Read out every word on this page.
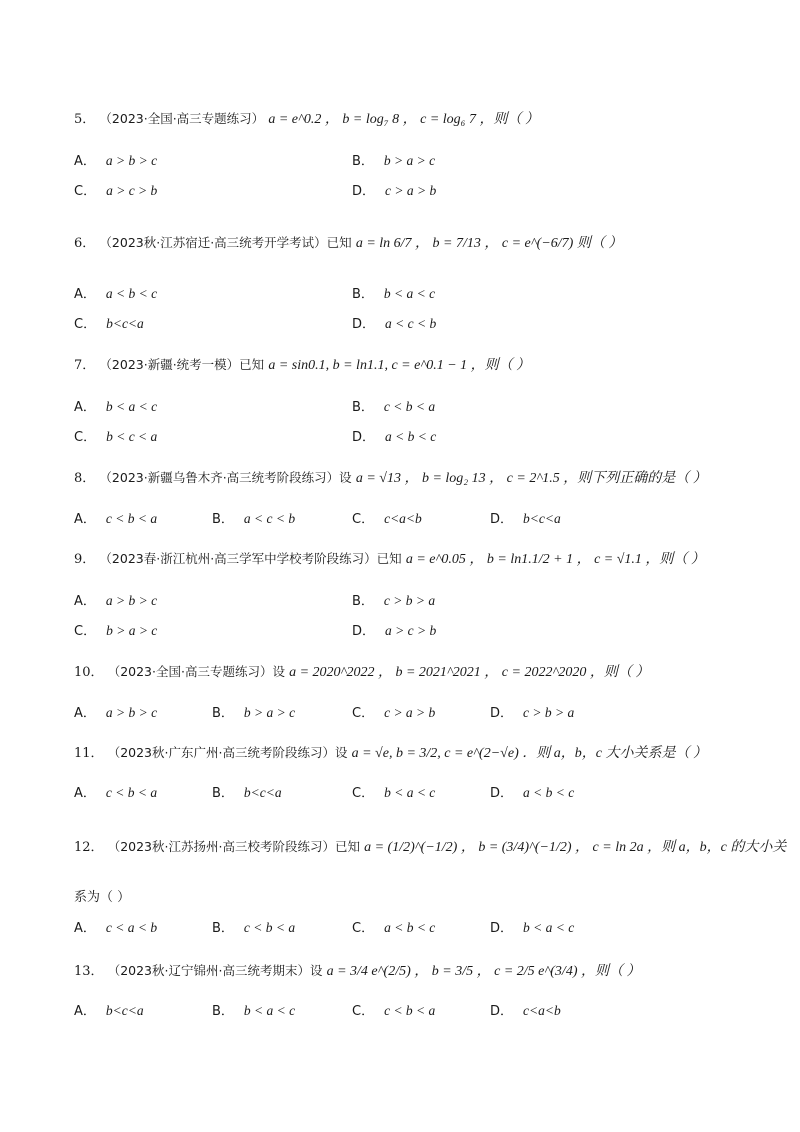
5． （2023·全国·高三专题练习） a = e^0.2 ， b = log₇ 8 ， c = log₆ 7 ，则（ ）
A． a > b > c	B． b > a > c
C． a > c > b	D． c > a > b
6． （2023秋·江苏宿迁·高三统考开学考试）已知 a = ln 6/7 ， b = 7/13 ， c = e^(−6/7) 则（ ）
A． a < b < c	B． b < a < c
C． b<c<a	D． a < c < b
7． （2023·新疆·统考一模）已知 a = sin0.1, b = ln1.1, c = e^0.1 − 1 ，则（ ）
A． b < a < c	B． c < b < a
C． b < c < a	D． a < b < c
8． （2023·新疆乌鲁木齐·高三统考阶段练习）设 a = √13 ， b = log₂ 13 ， c = 2^1.5 ，则下列正确的是（ ）
A． c < b < a	B． a < c < b	C． c<a<b	D． b<c<a
9． （2023春·浙江杭州·高三学军中学校考阶段练习）已知 a = e^0.05 ， b = ln1.1/2 + 1 ， c = √1.1 ，则（ ）
A． a > b > c	B． c > b > a
C． b > a > c	D． a > c > b
10． （2023·全国·高三专题练习）设 a = 2020^2022 ， b = 2021^2021 ， c = 2022^2020 ，则（ ）
A． a > b > c	B． b > a > c	C． c > a > b	D． c > b > a
11． （2023秋·广东广州·高三统考阶段练习）设 a = √e, b = 3/2, c = e^(2−√e) ．则 a，b，c 大小关系是（ ）
A． c < b < a	B． b<c<a	C． b < a < c	D． a < b < c
12． （2023秋·江苏扬州·高三校考阶段练习）已知 a = (1/2)^(−1/2) ， b = (3/4)^(−1/2) ， c = ln 2a ，则 a，b，c 的大小关
系为（ ）
A． c < a < b	B． c < b < a	C． a < b < c	D． b < a < c
13． （2023秋·辽宁锦州·高三统考期末）设 a = 3/4 e^(2/5) ， b = 3/5 ， c = 2/5 e^(3/4) ，则（ ）
A． b<c<a	B． b < a < c	C． c < b < a	D． c<a<b
